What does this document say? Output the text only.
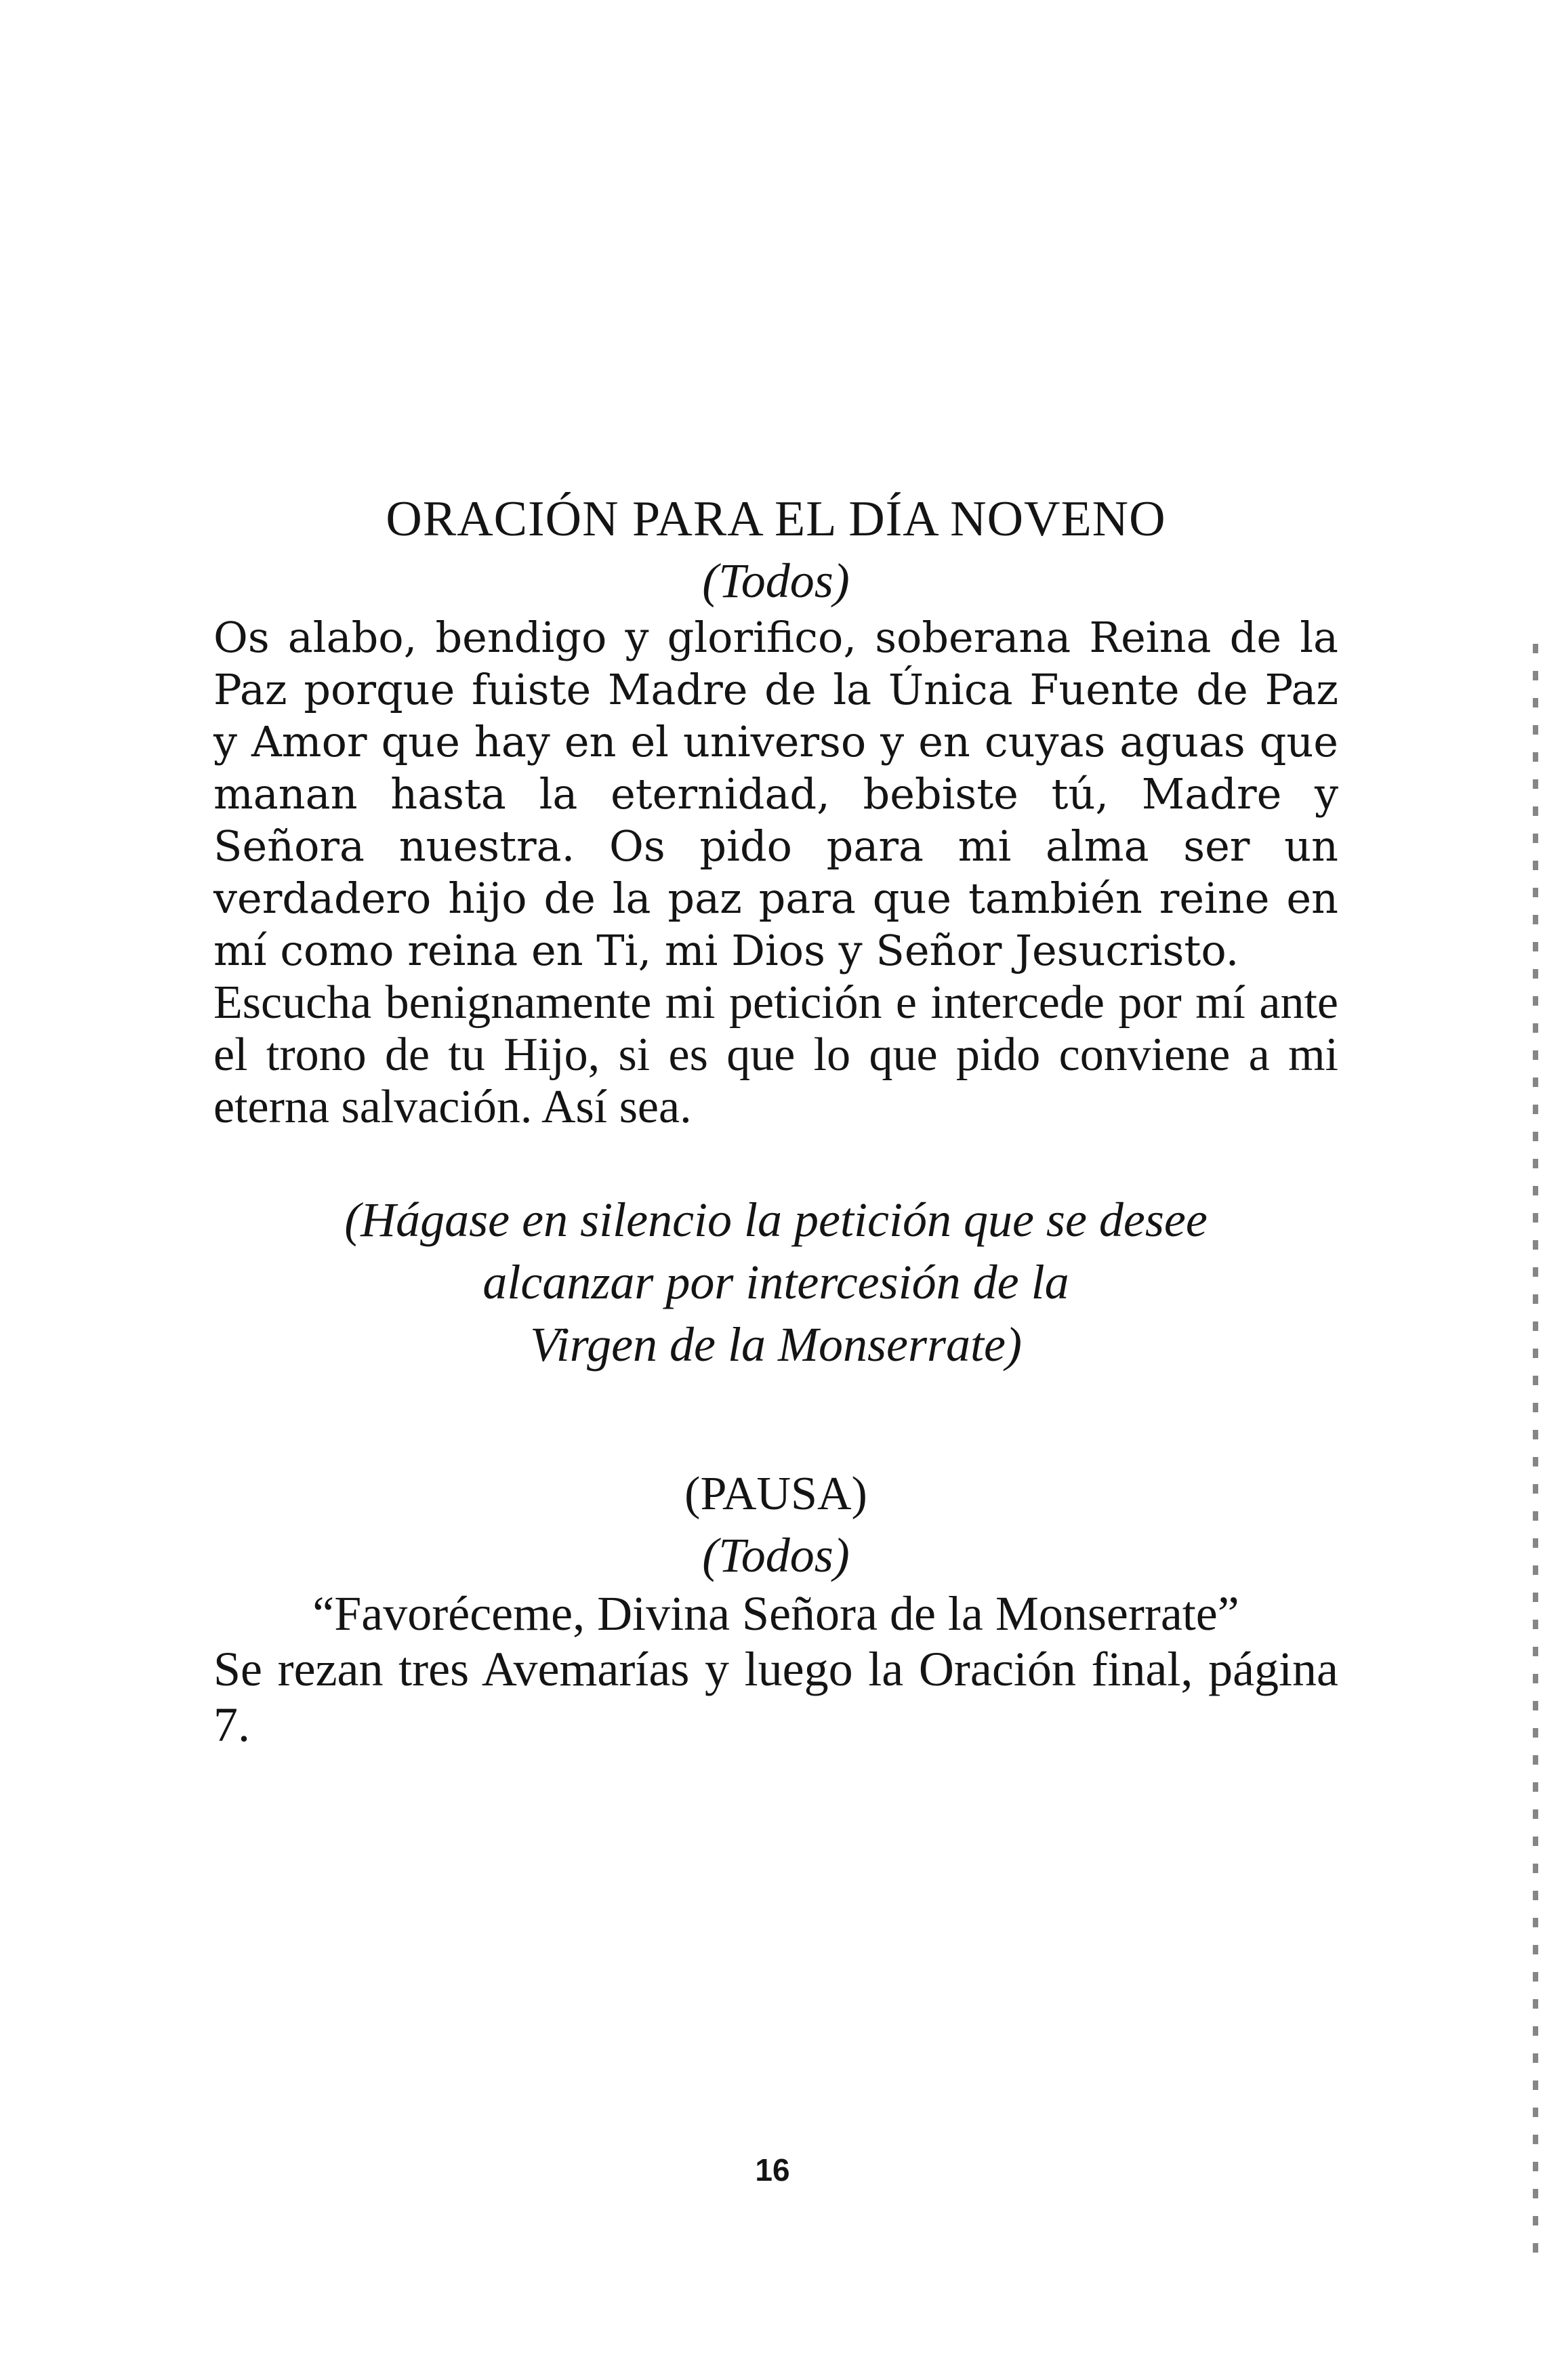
ORACIÓN PARA EL DÍA NOVENO

(Todos)

Os alabo, bendigo y glorifico, soberana Reina de la Paz porque fuiste Madre de la Única Fuente de Paz y Amor que hay en el universo y en cuyas aguas que manan hasta la eternidad, bebiste tú, Madre y Señora nuestra. Os pido para mi alma ser un verdadero hijo de la paz para que también reine en mí como reina en Ti, mi Dios y Señor Jesucristo.

Escucha benignamente mi petición e intercede por mí ante el trono de tu Hijo, si es que lo que pido conviene a mi eterna salvación. Así sea.

(Hágase en silencio la petición que se desee
alcanzar por intercesión de la
Virgen de la Monserrate)

(PAUSA)

(Todos)

“Favoréceme, Divina Señora de la Monserrate”

Se rezan tres Avemarías y luego la Oración final, página 7.

16
